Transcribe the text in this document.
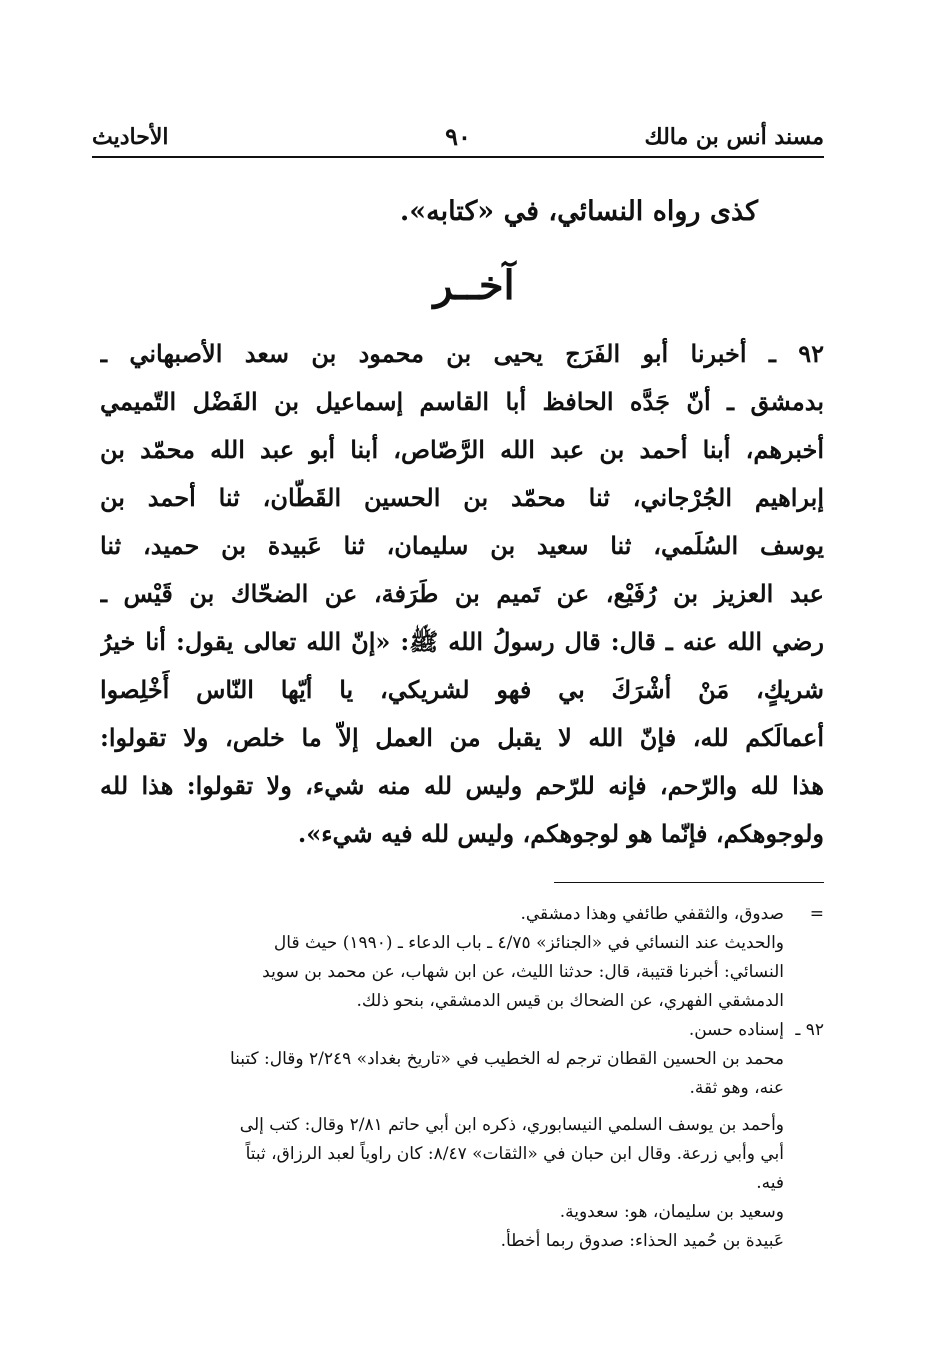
مسند أنس بن مالك
٩٠
الأحاديث
كذى رواه النسائي، في «كتابه».
آخــر
٩٢ ـ أخبرنا أبو الفَرَج يحيى بن محمود بن سعد الأصبهاني ـ
بدمشق ـ أنّ جَدَّه الحافظ أبا القاسم إسماعيل بن الفَضْل التّميمي
أخبرهم، أبنا أحمد بن عبد الله الرَّصّاص، أبنا أبو عبد الله محمّد بن
إبراهيم الجُرْجاني، ثنا محمّد بن الحسين القَطّان، ثنا أحمد بن
يوسف السُلَمي، ثنا سعيد بن سليمان، ثنا عَبيدة بن حميد، ثنا
عبد العزيز بن رُفَيْع، عن تَميم بن طَرَفة، عن الضحّاك بن قَيْس ـ
رضي الله عنه ـ قال: قال رسولُ الله ﷺ: «إنّ الله تعالى يقول: أنا خيرُ
شريكٍ، مَنْ أشْرَكَ بي فهو لشريكي، يا أيّها النّاس أَخْلِصوا
أعمالَكم لله، فإنّ الله لا يقبل من العمل إلاّ ما خلص، ولا تقولوا:
هذا لله والرّحم، فإنه للرّحم وليس لله منه شيء، ولا تقولوا: هذا لله
ولوجوهكم، فإنّما هو لوجوهكم، وليس لله فيه شيء».
=
صدوق، والثقفي طائفي وهذا دمشقي.
والحديث عند النسائي في «الجنائز» ٤/٧٥ ـ باب الدعاء ـ (١٩٩٠) حيث قال
النسائي: أخبرنا قتيبة، قال: حدثنا الليث، عن ابن شهاب، عن محمد بن سويد
الدمشقي الفهري، عن الضحاك بن قيس الدمشقي، بنحو ذلك.
٩٢ ـ
إسناده حسن.
محمد بن الحسين القطان ترجم له الخطيب في «تاريخ بغداد» ٢/٢٤٩ وقال: كتبنا
عنه، وهو ثقة.
وأحمد بن يوسف السلمي النيسابوري، ذكره ابن أبي حاتم ٢/٨١ وقال: كتب إلى
أبي وأبي زرعة. وقال ابن حبان في «الثقات» ٨/٤٧: كان راوياً لعبد الرزاق، ثبتاً
فيه.
وسعيد بن سليمان، هو: سعدوية.
عَبيدة بن حُميد الحذاء: صدوق ربما أخطأ.
